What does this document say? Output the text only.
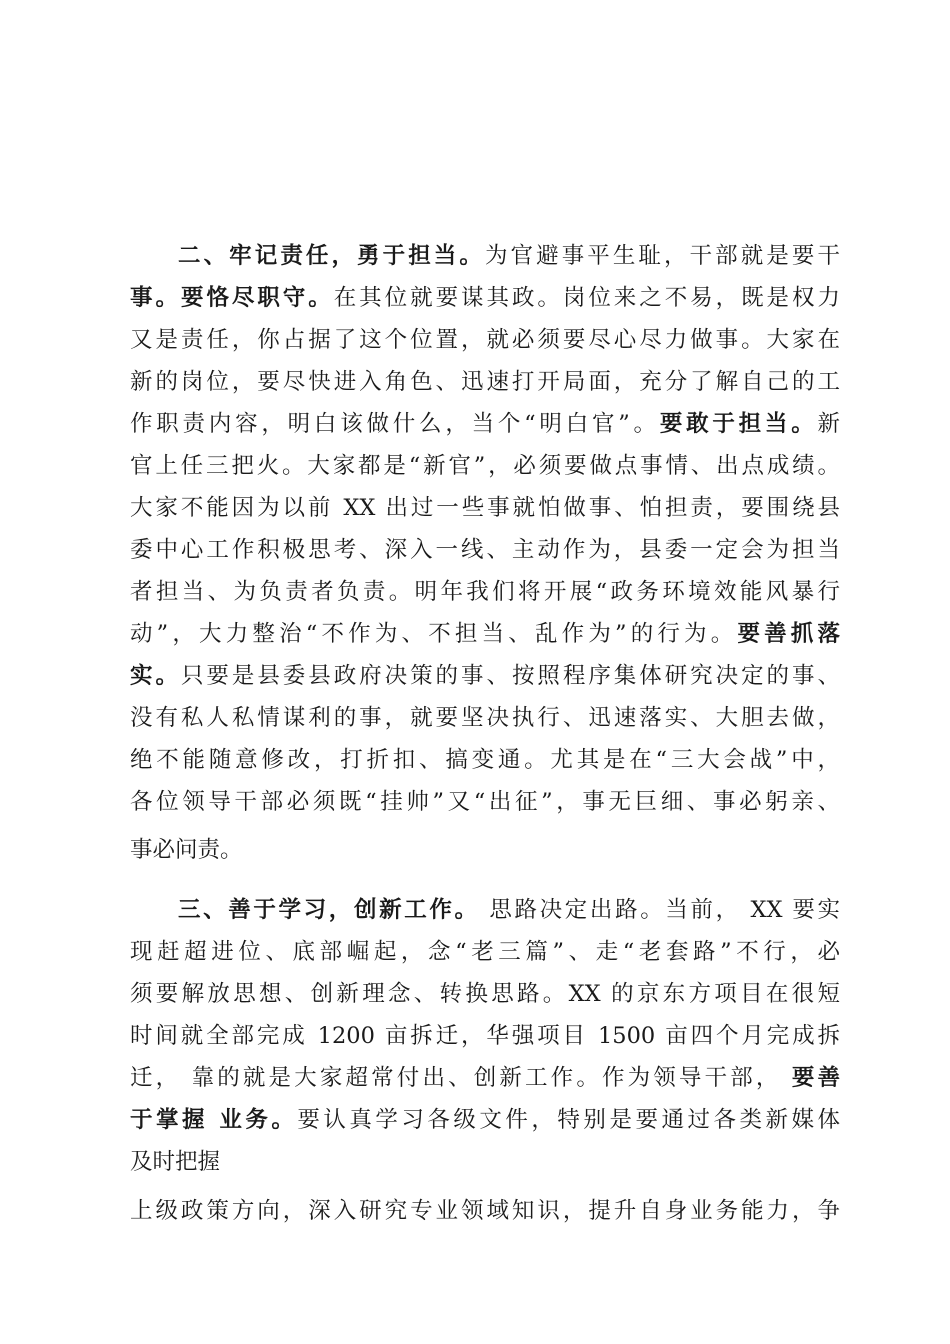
二、牢记责任，勇于担当。为官避事平生耻，干部就是要干
事。要恪尽职守。在其位就要谋其政。岗位来之不易，既是权力
又是责任，你占据了这个位置，就必须要尽心尽力做事。大家在
新的岗位，要尽快进入角色、迅速打开局面，充分了解自己的工
作职责内容，明白该做什么，当个“明白官”。要敢于担当。新
官上任三把火。大家都是“新官”，必须要做点事情、出点成绩。
大家不能因为以前 XX 出过一些事就怕做事、怕担责，要围绕县
委中心工作积极思考、深入一线、主动作为，县委一定会为担当
者担当、为负责者负责。明年我们将开展“政务环境效能风暴行
动”，大力整治“不作为、不担当、乱作为”的行为。要善抓落
实。只要是县委县政府决策的事、按照程序集体研究决定的事、
没有私人私情谋利的事，就要坚决执行、迅速落实、大胆去做，
绝不能随意修改，打折扣、搞变通。尤其是在“三大会战”中，
各位领导干部必须既“挂帅”又“出征”，事无巨细、事必躬亲、
事必问责。
三、善于学习，创新工作。 思路决定出路。当前， XX 要实
现赶超进位、底部崛起，念“老三篇”、走“老套路”不行，必
须要解放思想、创新理念、转换思路。XX 的京东方项目在很短
时间就全部完成 1200 亩拆迁，华强项目 1500 亩四个月完成拆
迁， 靠的就是大家超常付出、创新工作。作为领导干部， 要善
于掌握 业务。要认真学习各级文件，特别是要通过各类新媒体
及时把握
上级政策方向，深入研究专业领域知识，提升自身业务能力，争
